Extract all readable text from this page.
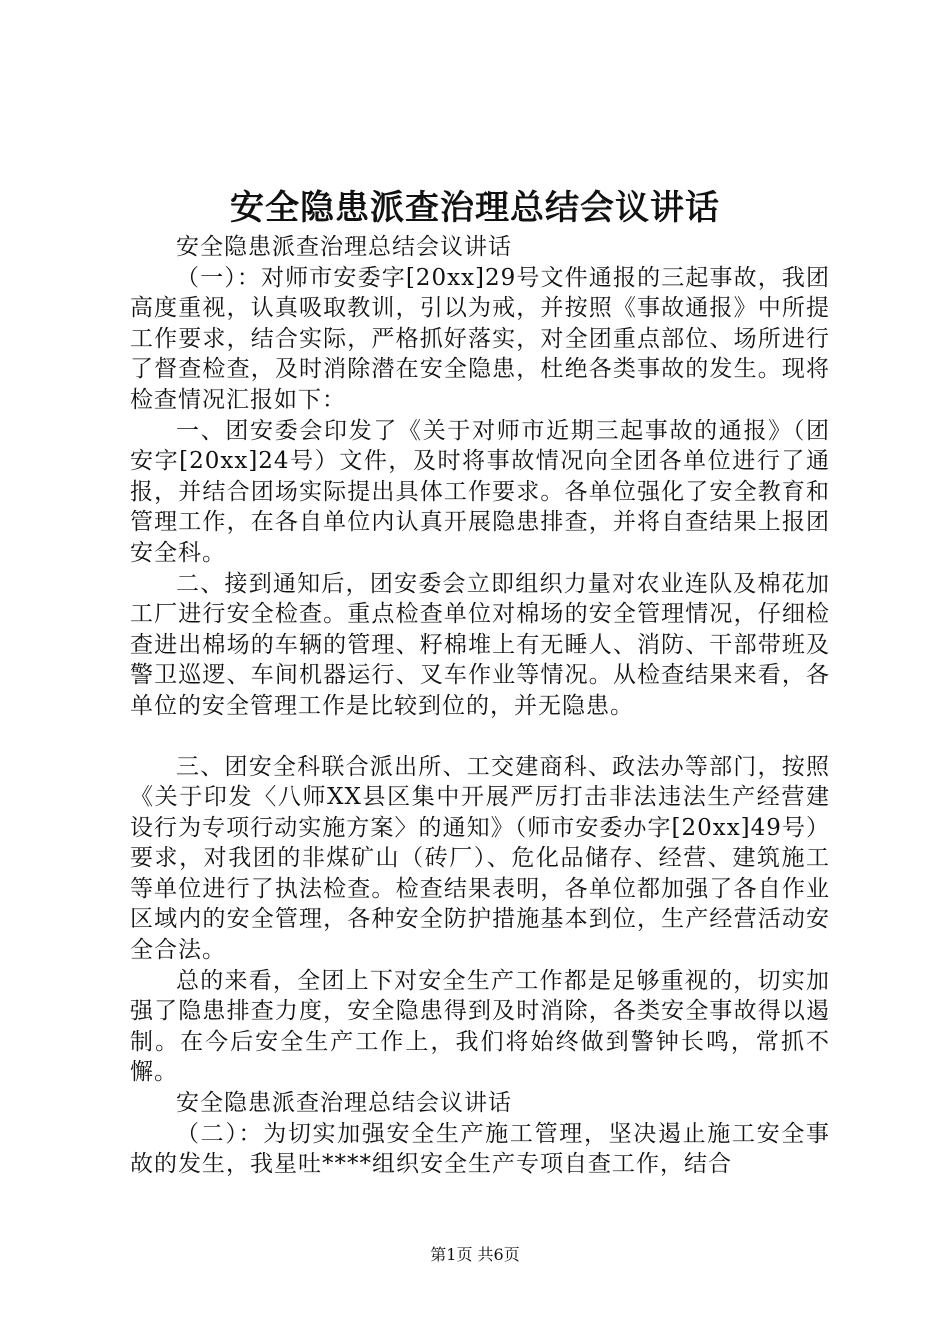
安全隐患派查治理总结会议讲话

安全隐患派查治理总结会议讲话

（一）：对师市安委字[20xx]29号文件通报的三起事故，我团高度重视，认真吸取教训，引以为戒，并按照《事故通报》中所提工作要求，结合实际，严格抓好落实，对全团重点部位、场所进行了督查检查，及时消除潜在安全隐患，杜绝各类事故的发生。现将检查情况汇报如下：

一、团安委会印发了《关于对师市近期三起事故的通报》（团安字[20xx]24号）文件，及时将事故情况向全团各单位进行了通报，并结合团场实际提出具体工作要求。各单位强化了安全教育和管理工作，在各自单位内认真开展隐患排查，并将自查结果上报团安全科。

二、接到通知后，团安委会立即组织力量对农业连队及棉花加工厂进行安全检查。重点检查单位对棉场的安全管理情况，仔细检查进出棉场的车辆的管理、籽棉堆上有无睡人、消防、干部带班及警卫巡逻、车间机器运行、叉车作业等情况。从检查结果来看，各单位的安全管理工作是比较到位的，并无隐患。

三、团安全科联合派出所、工交建商科、政法办等部门，按照《关于印发〈八师XX县区集中开展严厉打击非法违法生产经营建设行为专项行动实施方案〉的通知》（师市安委办字[20xx]49号）要求，对我团的非煤矿山（砖厂）、危化品储存、经营、建筑施工等单位进行了执法检查。检查结果表明，各单位都加强了各自作业区域内的安全管理，各种安全防护措施基本到位，生产经营活动安全合法。

总的来看，全团上下对安全生产工作都是足够重视的，切实加强了隐患排查力度，安全隐患得到及时消除，各类安全事故得以遏制。在今后安全生产工作上，我们将始终做到警钟长鸣，常抓不懈。

安全隐患派查治理总结会议讲话

（二）：为切实加强安全生产施工管理，坚决遏止施工安全事故的发生，我星吐****组织安全生产专项自查工作，结合

第1页 共6页
